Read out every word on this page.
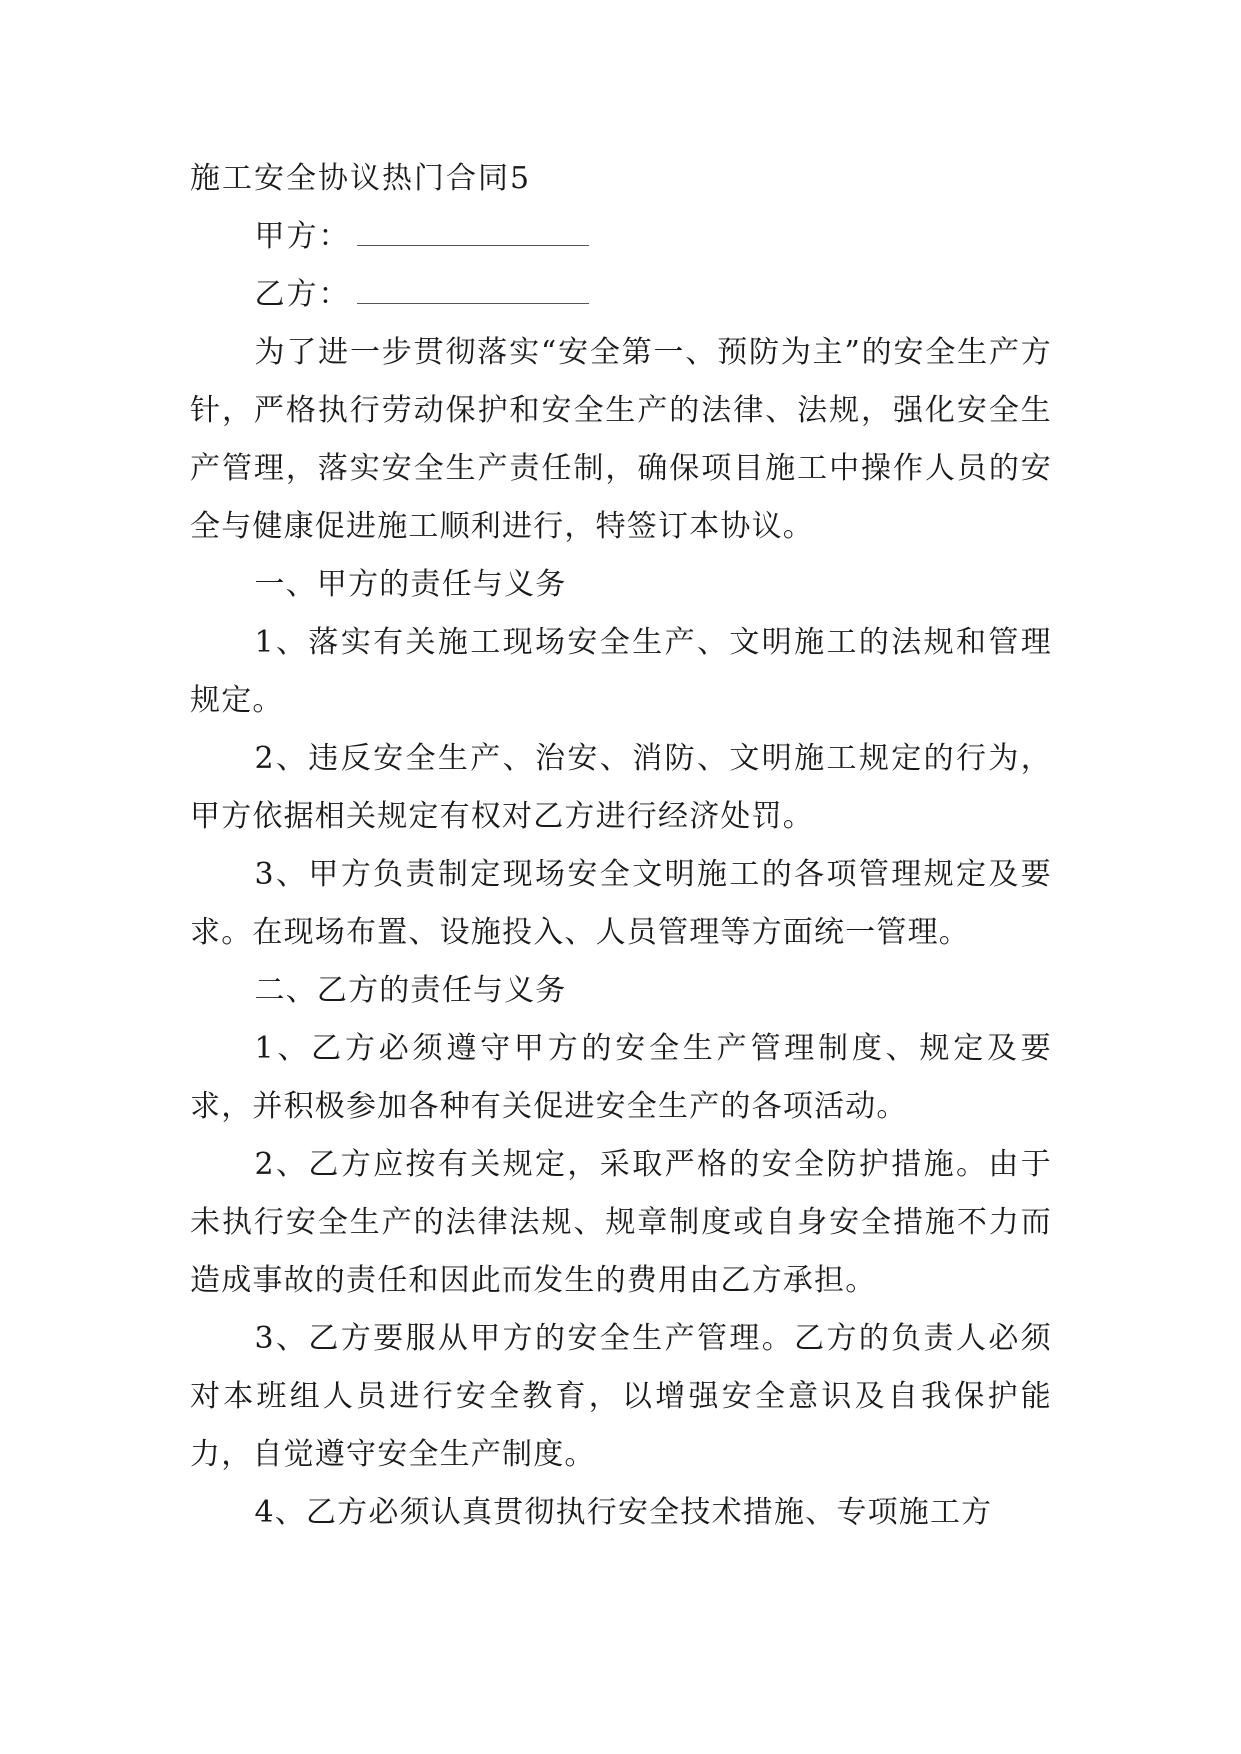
施工安全协议热门合同5

甲方：

乙方：

为了进一步贯彻落实“安全第一、预防为主”的安全生产方针，严格执行劳动保护和安全生产的法律、法规，强化安全生产管理，落实安全生产责任制，确保项目施工中操作人员的安全与健康促进施工顺利进行，特签订本协议。

一、甲方的责任与义务

1、落实有关施工现场安全生产、文明施工的法规和管理规定。

2、违反安全生产、治安、消防、文明施工规定的行为，甲方依据相关规定有权对乙方进行经济处罚。

3、甲方负责制定现场安全文明施工的各项管理规定及要求。在现场布置、设施投入、人员管理等方面统一管理。

二、乙方的责任与义务

1、乙方必须遵守甲方的安全生产管理制度、规定及要求，并积极参加各种有关促进安全生产的各项活动。

2、乙方应按有关规定，采取严格的安全防护措施。由于未执行安全生产的法律法规、规章制度或自身安全措施不力而造成事故的责任和因此而发生的费用由乙方承担。

3、乙方要服从甲方的安全生产管理。乙方的负责人必须对本班组人员进行安全教育，以增强安全意识及自我保护能力，自觉遵守安全生产制度。

4、乙方必须认真贯彻执行安全技术措施、专项施工方
